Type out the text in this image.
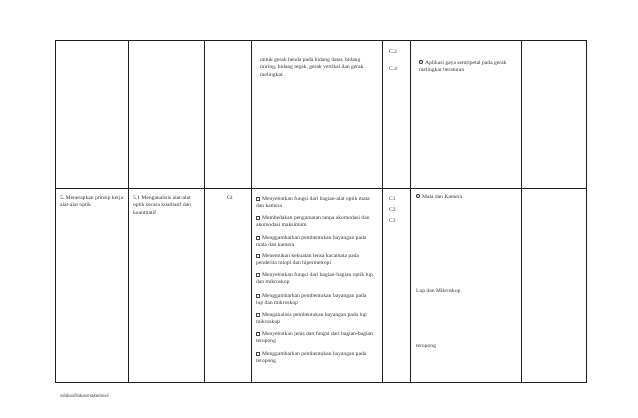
untuk gerak benda pada bidang datar, bidang miring, bidang tegak, gerak vertikal dan gerak melingkar.
C.2
C.4
Aplikasi gaya sentripetal pada gerak melingkar beraturan
5. Menerapkan prinsip kerja alat-alat optik
5.1 Menganalisis alat-alat optik secara kualitatif dan kuantitatif
Gt	Menyebutkan fungsi dari bagian-alat optik mata dan kamera
Membedakan pengamatan tanpa akomodasi dan akomodasi maksimum
Menggambarkan pembentukan bayangan pada mata dan kamera
Menentukan kekuatan lensa kacamata pada penderita miopi dan hipermetropi
Menyebutkan fungsi dari bagian-bagian optik lup dan mikroskop
Menggambarkan pembentukan bayangan pada lup dan mikroskop
Menganalisis pembentukan bayangan pada lup mikroskop
Menyebutkan jenis dan fungsi dari bagian-bagian teropong
Menggambarkan pembentukan bayangan pada teropong
C1
C2
C3
Mata dan Kamera
Lup dan Mikroskop
teropong
silabusfisikasmakelasxii
